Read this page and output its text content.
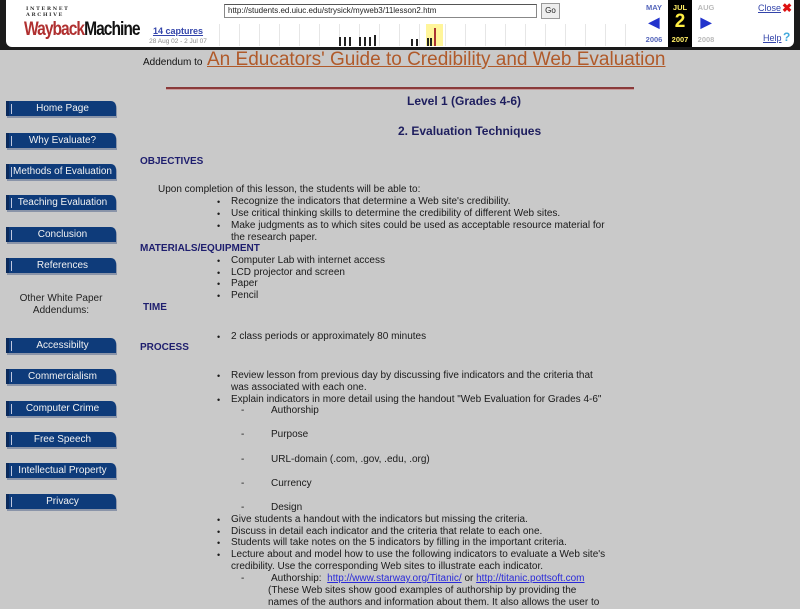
INTERNET ARCHIVE
WaybackMachine	14 captures
28 Aug 02 - 2 Jul 07
http://students.ed.uiuc.edu/strysick/myweb3/11lesson2.htm	Go	MAY
◀
2006
JUL
2
2007
AUG
▶
2008
Close ✖
Help ?
Addendum to An Educators' Guide to Credibility and Web Evaluation
Level 1 (Grades 4-6)
2. Evaluation Techniques
Home Page
Why Evaluate?
Methods of Evaluation
Teaching Evaluation
Conclusion
References
Other White Paper
Addendums:
Accessibilty
Commercialism
Computer Crime
Free Speech
Intellectual Property
Privacy
OBJECTIVES
Upon completion of this lesson, the students will be able to:
• Recognize the indicators that determine a Web site's credibility.
• Use critical thinking skills to determine the credibility of different Web sites.
• Make judgments as to which sites could be used as acceptable resource material for
the research paper.
MATERIALS/EQUIPMENT
• Computer Lab with internet access
• LCD projector and screen
• Paper
• Pencil
TIME
• 2 class periods or approximately 80 minutes
PROCESS
• Review lesson from previous day by discussing five indicators and the criteria that
was associated with each one.
• Explain indicators in more detail using the handout "Web Evaluation for Grades 4-6"
- Authorship
- Purpose
- URL-domain (.com, .gov, .edu, .org)
- Currency
- Design
• Give students a handout with the indicators but missing the criteria.
• Discuss in detail each indicator and the criteria that relate to each one.
• Students will take notes on the 5 indicators by filling in the important criteria.
• Lecture about and model how to use the following indicators to evaluate a Web site's
credibility. Use the corresponding Web sites to illustrate each indicator.
- Authorship: http://www.starway.org/Titanic/ or http://titanic.pottsoft.com
(These Web sites show good examples of authorship by providing the
names of the authors and information about them. It also allows the user to
